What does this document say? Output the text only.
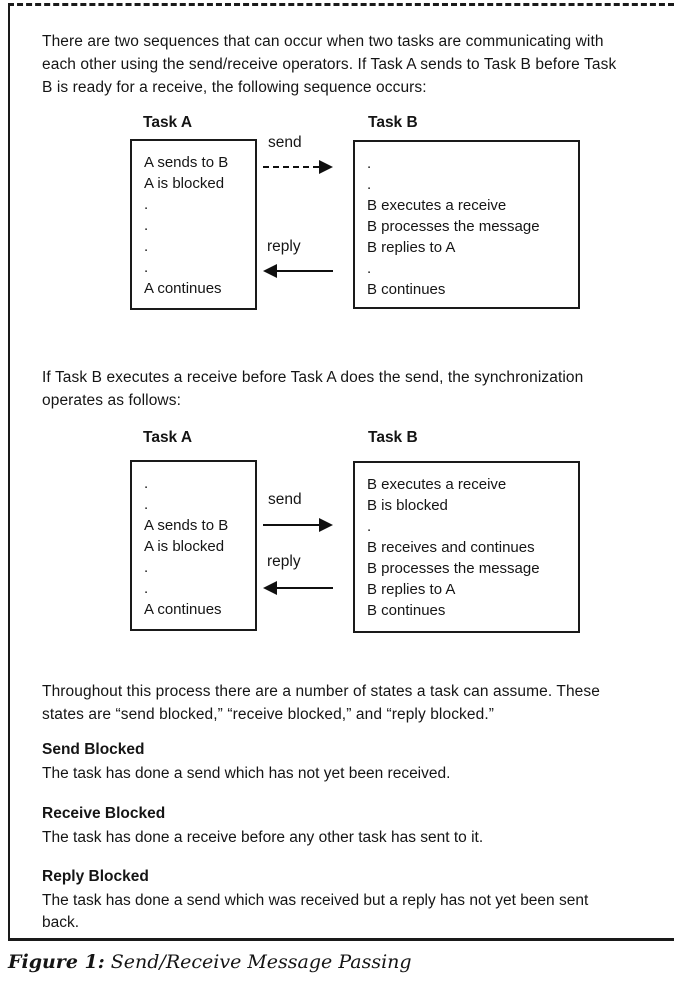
There are two sequences that can occur when two tasks are communicating with
each other using the send/receive operators. If Task A sends to Task B before Task
B is ready for a receive, the following sequence occurs:
Task A	Task B
A sends to B
A is blocked
.
.
.
.
A continues
.
.
B executes a receive
B processes the message
B replies to A
.
B continues
send
reply
If Task B executes a receive before Task A does the send, the synchronization
operates as follows:
Task A	Task B
.
.
A sends to B
A is blocked
.
.
A continues
B executes a receive
B is blocked
.
B receives and continues
B processes the message
B replies to A
B continues
send
reply
Throughout this process there are a number of states a task can assume. These
states are “send blocked,” “receive blocked,” and “reply blocked.”
Send Blocked
The task has done a send which has not yet been received.
Receive Blocked
The task has done a receive before any other task has sent to it.
Reply Blocked
The task has done a send which was received but a reply has not yet been sent
back.
Figure 1: Send/Receive Message Passing
